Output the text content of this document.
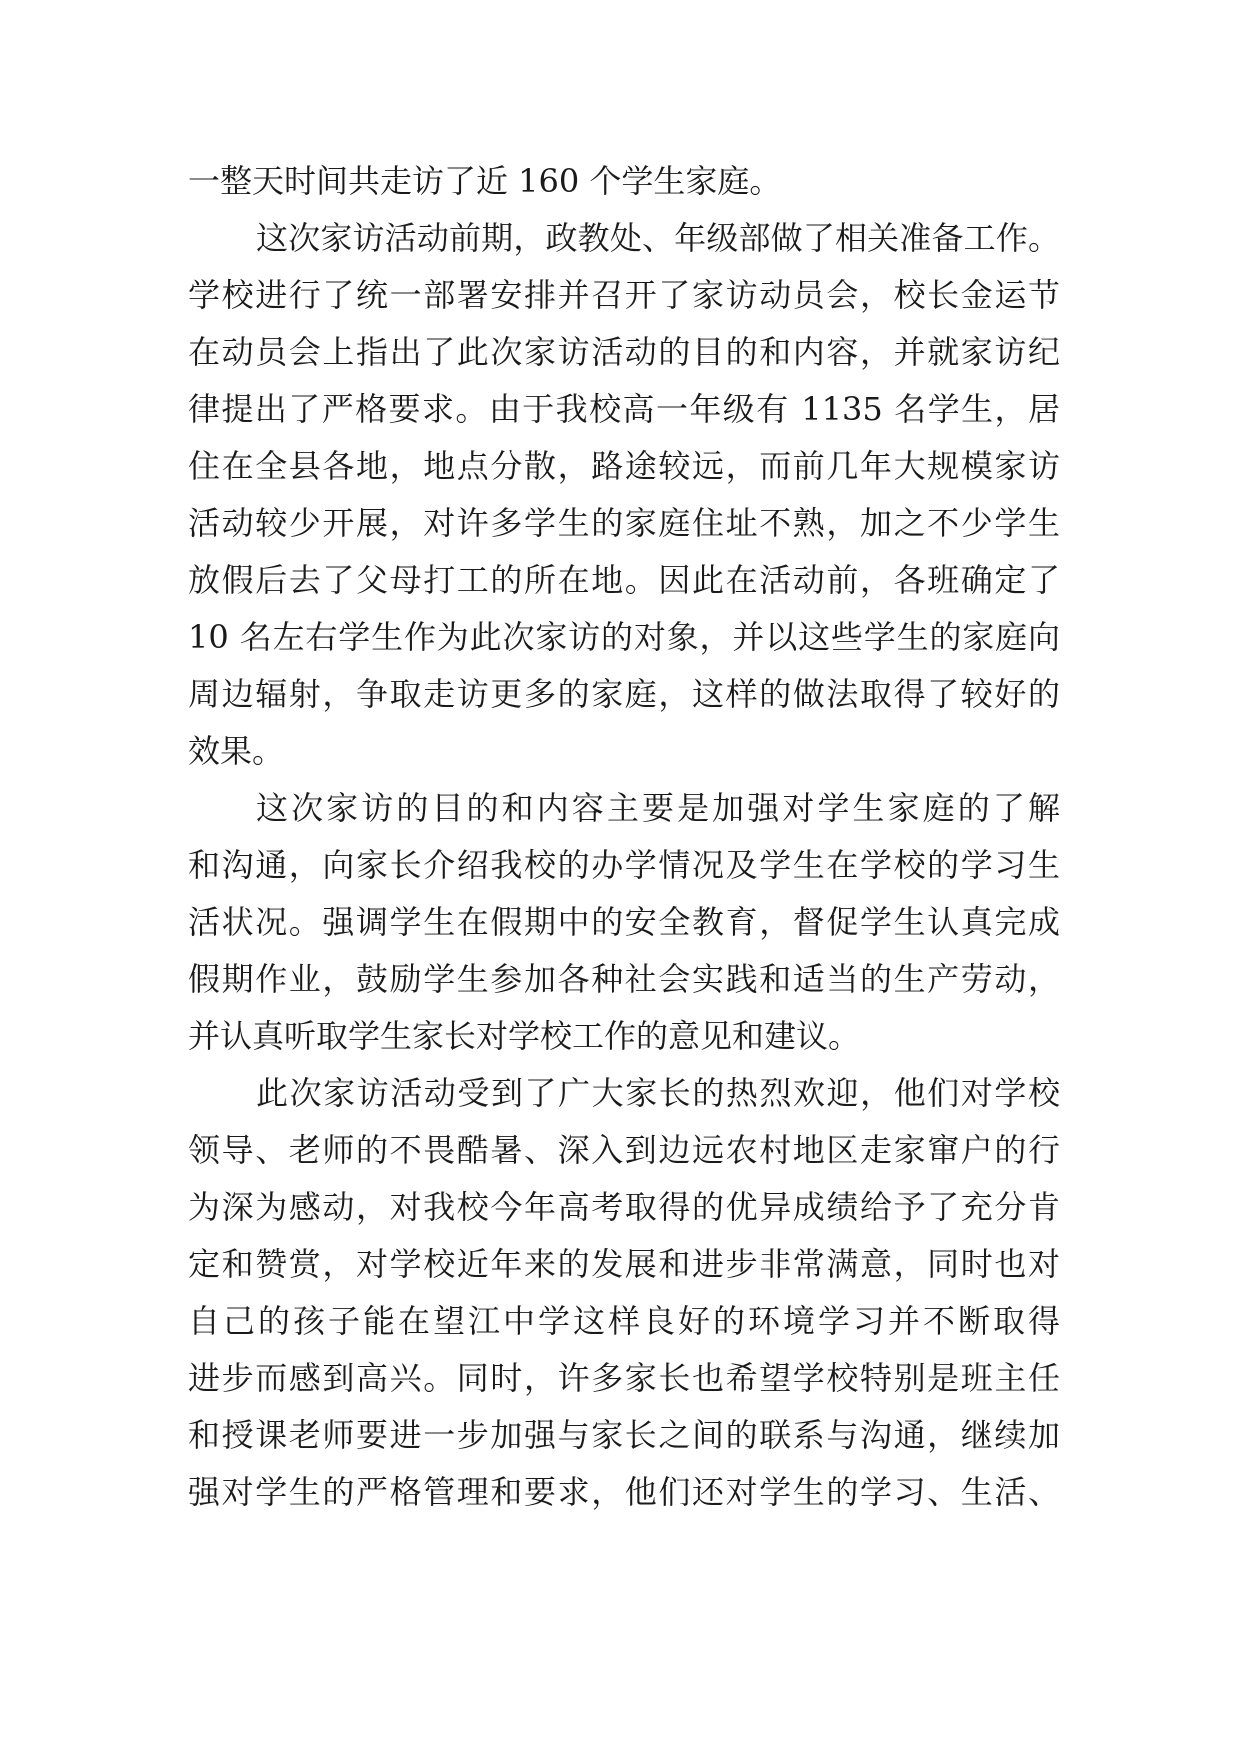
一整天时间共走访了近 160 个学生家庭。
这次家访活动前期，政教处、年级部做了相关准备工作。
学校进行了统一部署安排并召开了家访动员会，校长金运节
在动员会上指出了此次家访活动的目的和内容，并就家访纪
律提出了严格要求。由于我校高一年级有 1135 名学生，居
住在全县各地，地点分散，路途较远，而前几年大规模家访
活动较少开展，对许多学生的家庭住址不熟，加之不少学生
放假后去了父母打工的所在地。因此在活动前，各班确定了
10 名左右学生作为此次家访的对象，并以这些学生的家庭向
周边辐射，争取走访更多的家庭，这样的做法取得了较好的
效果。
这次家访的目的和内容主要是加强对学生家庭的了解
和沟通，向家长介绍我校的办学情况及学生在学校的学习生
活状况。强调学生在假期中的安全教育，督促学生认真完成
假期作业，鼓励学生参加各种社会实践和适当的生产劳动，
并认真听取学生家长对学校工作的意见和建议。
此次家访活动受到了广大家长的热烈欢迎，他们对学校
领导、老师的不畏酷暑、深入到边远农村地区走家窜户的行
为深为感动，对我校今年高考取得的优异成绩给予了充分肯
定和赞赏，对学校近年来的发展和进步非常满意，同时也对
自己的孩子能在望江中学这样良好的环境学习并不断取得
进步而感到高兴。同时，许多家长也希望学校特别是班主任
和授课老师要进一步加强与家长之间的联系与沟通，继续加
强对学生的严格管理和要求，他们还对学生的学习、生活、
